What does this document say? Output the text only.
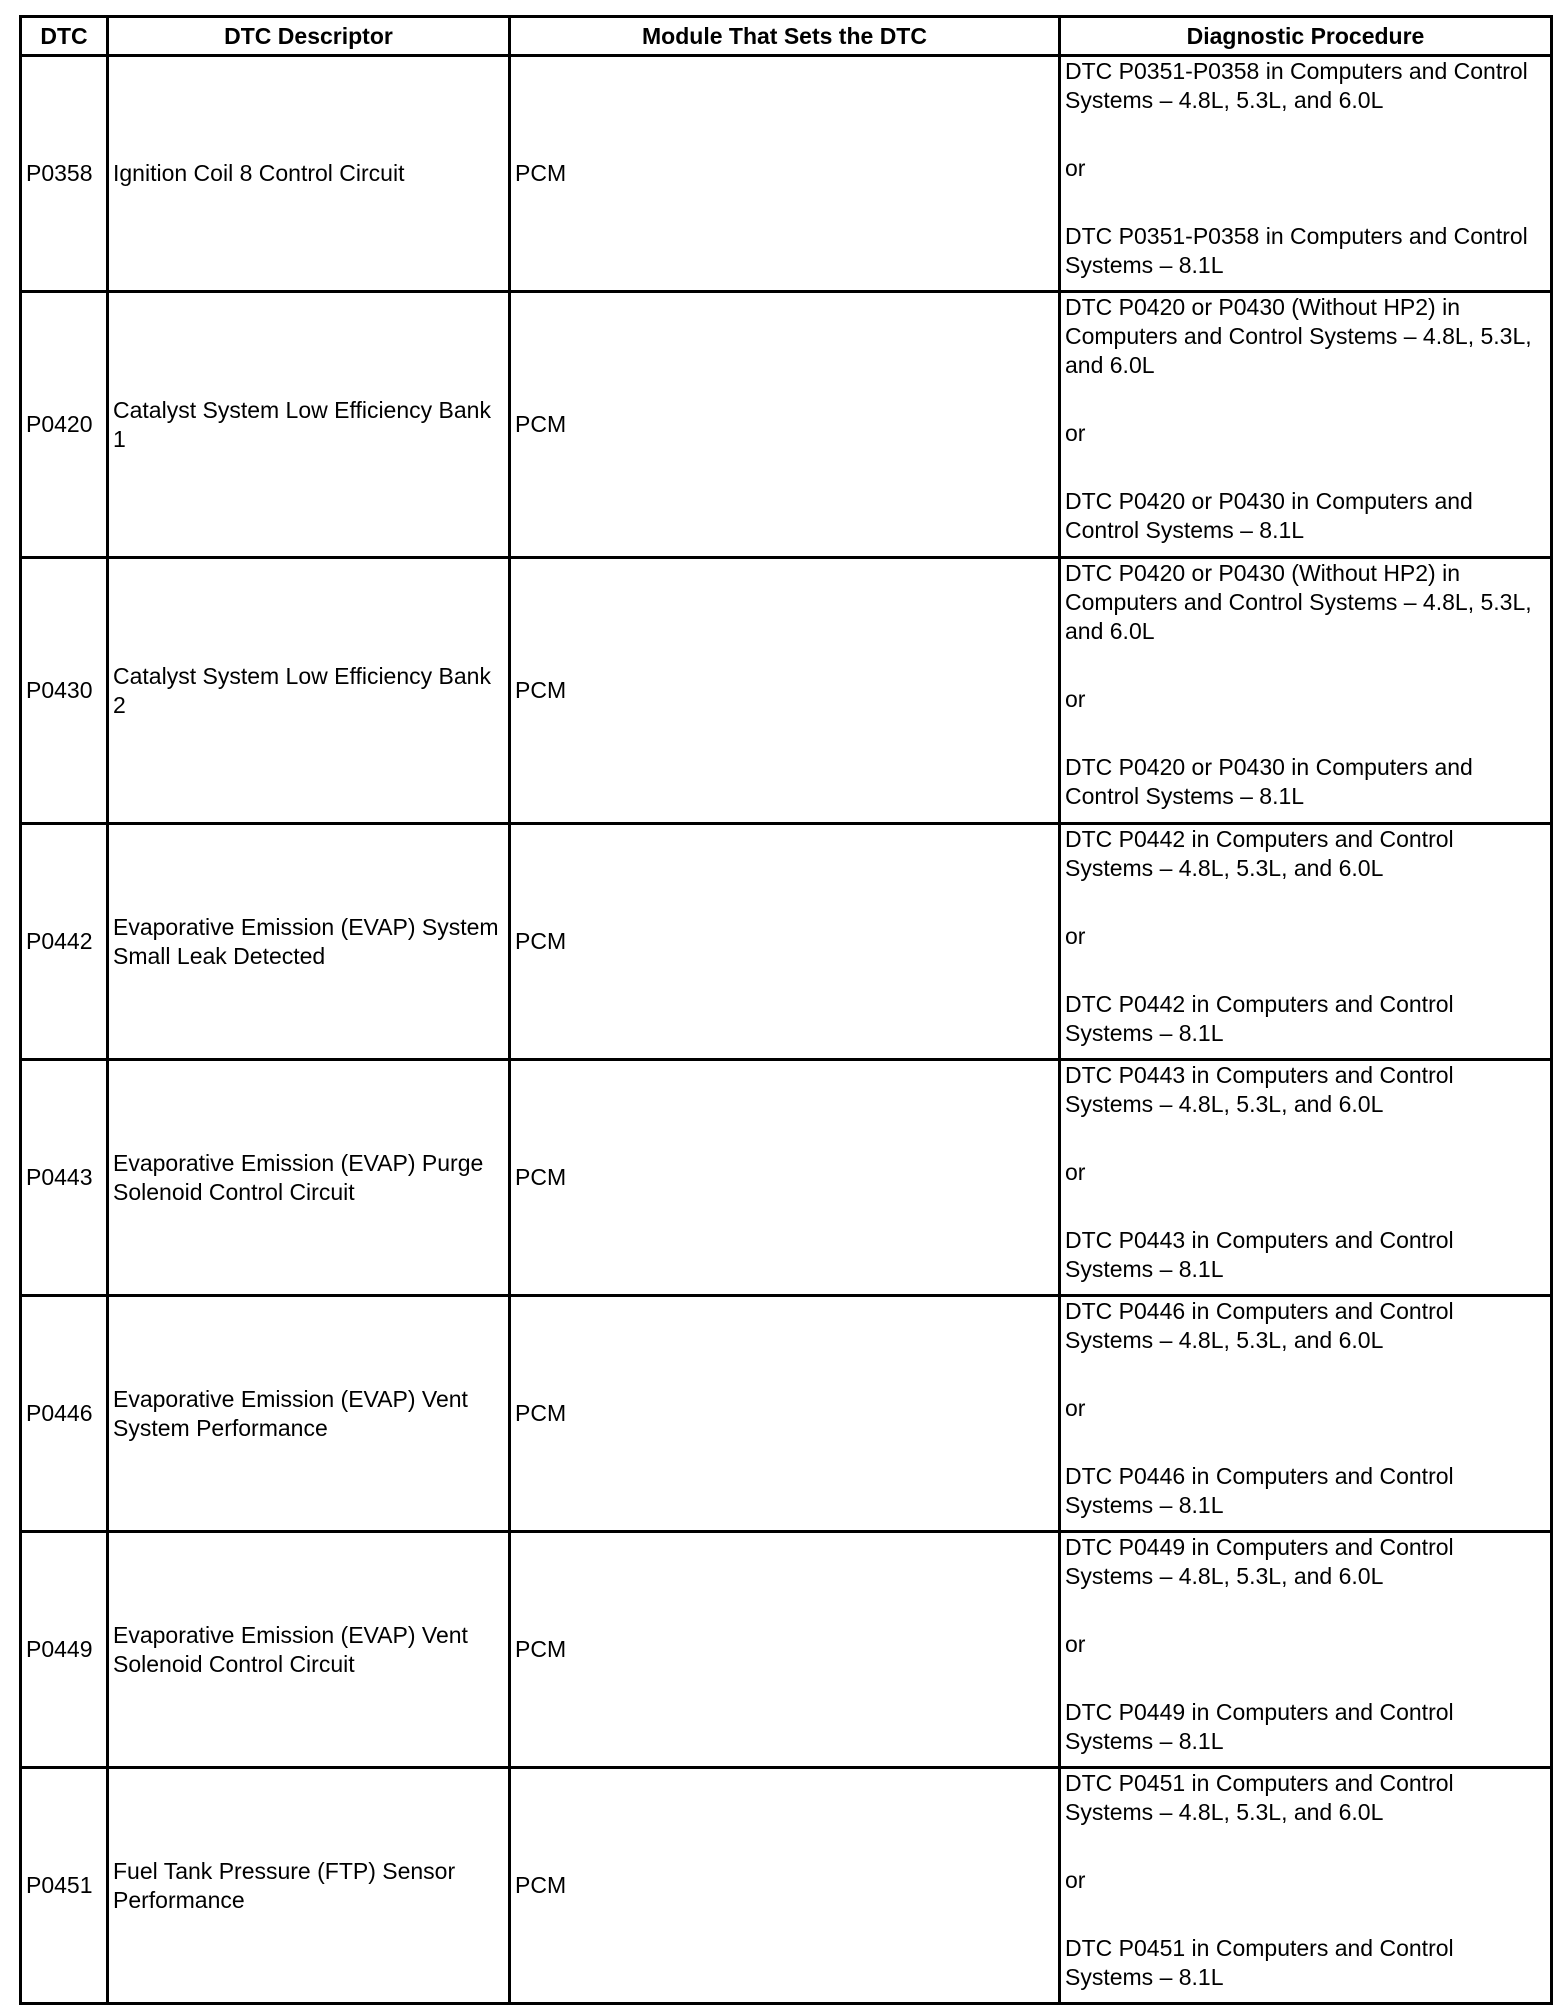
DTC	DTC Descriptor	Module That Sets the DTC	Diagnostic Procedure
P0358	Ignition Coil 8 Control Circuit	PCM	DTC P0351-P0358 in Computers and Control Systems – 4.8L, 5.3L, and 6.0L
or
DTC P0351-P0358 in Computers and Control Systems – 8.1L

P0420	Catalyst System Low Efficiency Bank 1	PCM	DTC P0420 or P0430 (Without HP2) in Computers and Control Systems – 4.8L, 5.3L, and 6.0L
or
DTC P0420 or P0430 in Computers and Control Systems – 8.1L

P0430	Catalyst System Low Efficiency Bank 2	PCM	DTC P0420 or P0430 (Without HP2) in Computers and Control Systems – 4.8L, 5.3L, and 6.0L
or
DTC P0420 or P0430 in Computers and Control Systems – 8.1L

P0442	Evaporative Emission (EVAP) System Small Leak Detected	PCM	DTC P0442 in Computers and Control Systems – 4.8L, 5.3L, and 6.0L
or
DTC P0442 in Computers and Control Systems – 8.1L

P0443	Evaporative Emission (EVAP) Purge Solenoid Control Circuit	PCM	DTC P0443 in Computers and Control Systems – 4.8L, 5.3L, and 6.0L
or
DTC P0443 in Computers and Control Systems – 8.1L

P0446	Evaporative Emission (EVAP) Vent System Performance	PCM	DTC P0446 in Computers and Control Systems – 4.8L, 5.3L, and 6.0L
or
DTC P0446 in Computers and Control Systems – 8.1L

P0449	Evaporative Emission (EVAP) Vent Solenoid Control Circuit	PCM	DTC P0449 in Computers and Control Systems – 4.8L, 5.3L, and 6.0L
or
DTC P0449 in Computers and Control Systems – 8.1L

P0451	Fuel Tank Pressure (FTP) Sensor Performance	PCM	DTC P0451 in Computers and Control Systems – 4.8L, 5.3L, and 6.0L
or
DTC P0451 in Computers and Control Systems – 8.1L
